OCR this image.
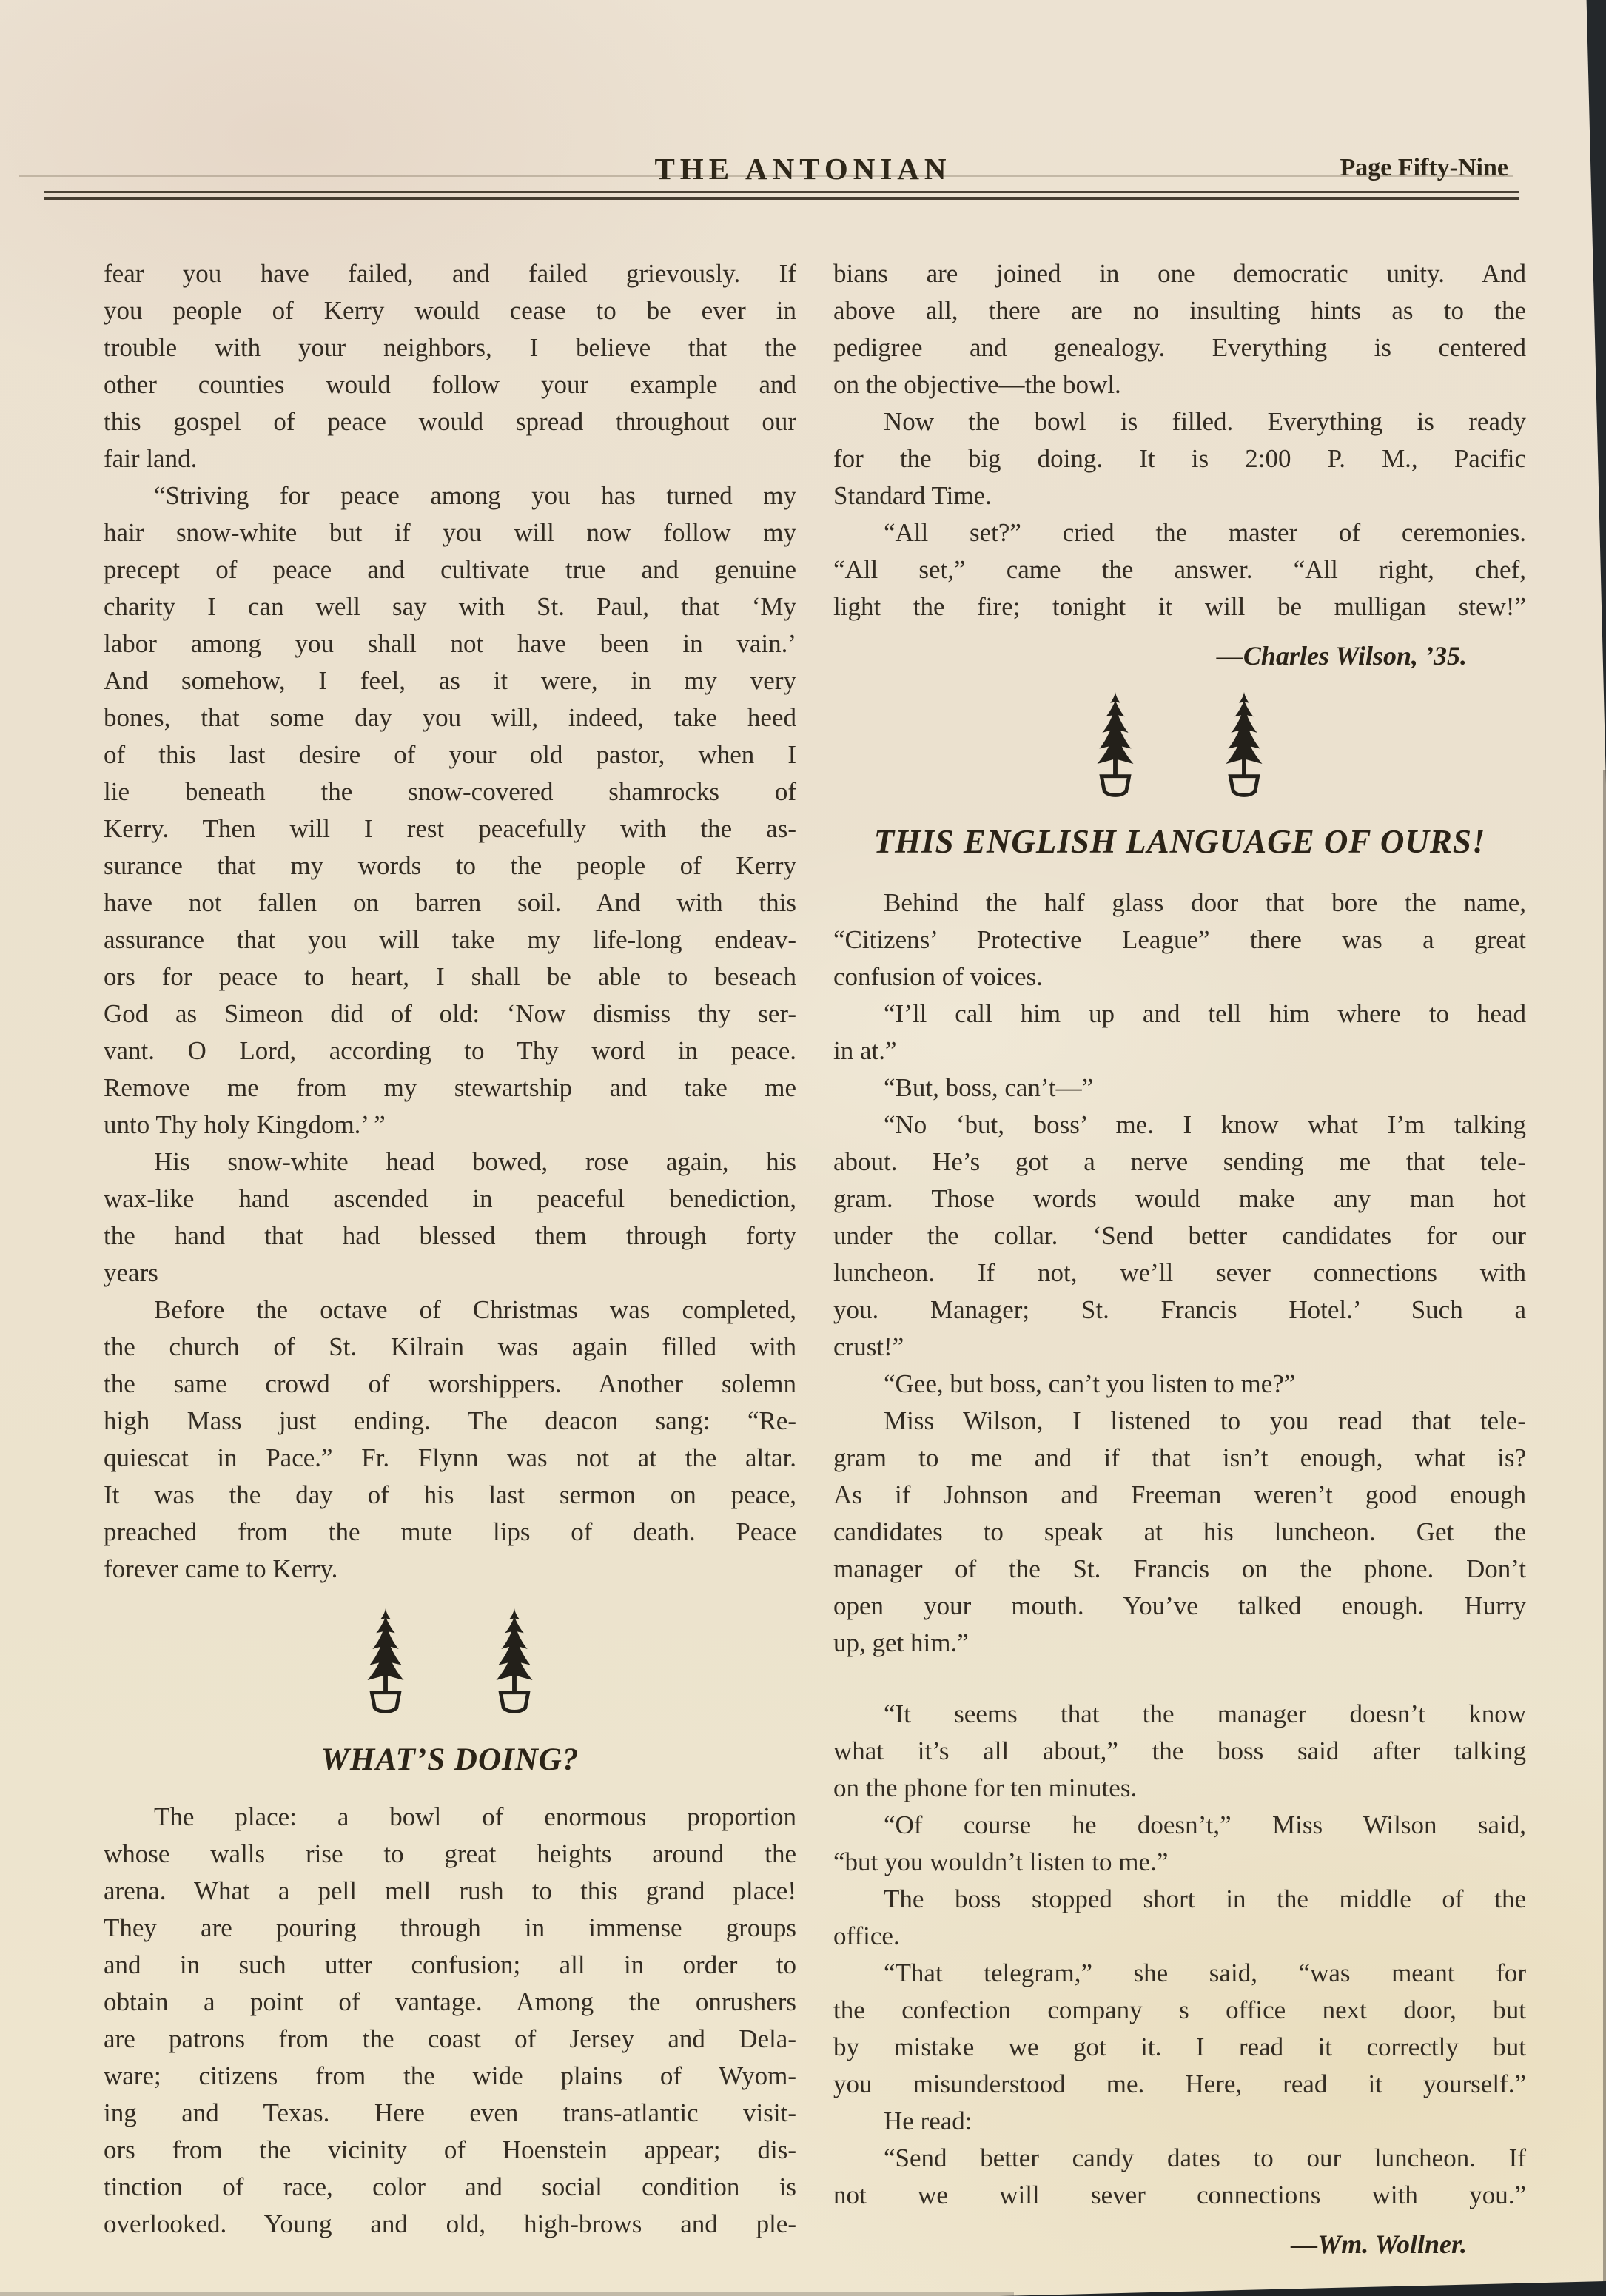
THE ANTONIAN	Page Fifty-Nine
fear you have failed, and failed grievously. If
you people of Kerry would cease to be ever in
trouble with your neighbors, I believe that the
other counties would follow your example and
this gospel of peace would spread throughout our
fair land.
“Striving for peace among you has turned my
hair snow-white but if you will now follow my
precept of peace and cultivate true and genuine
charity I can well say with St. Paul, that ‘My
labor among you shall not have been in vain.’
And somehow, I feel, as it were, in my very
bones, that some day you will, indeed, take heed
of this last desire of your old pastor, when I
lie beneath the snow-covered shamrocks of
Kerry. Then will I rest peacefully with the as-
surance that my words to the people of Kerry
have not fallen on barren soil. And with this
assurance that you will take my life-long endeav-
ors for peace to heart, I shall be able to beseach
God as Simeon did of old: ‘Now dismiss thy ser-
vant. O Lord, according to Thy word in peace.
Remove me from my stewartship and take me
unto Thy holy Kingdom.’ ”
His snow-white head bowed, rose again, his
wax-like hand ascended in peaceful benediction,
the hand that had blessed them through forty
years
Before the octave of Christmas was completed,
the church of St. Kilrain was again filled with
the same crowd of worshippers. Another solemn
high Mass just ending. The deacon sang: “Re-
quiescat in Pace.” Fr. Flynn was not at the altar.
It was the day of his last sermon on peace,
preached from the mute lips of death. Peace
forever came to Kerry.
WHAT’S DOING?
The place: a bowl of enormous proportion
whose walls rise to great heights around the
arena. What a pell mell rush to this grand place!
They are pouring through in immense groups
and in such utter confusion; all in order to
obtain a point of vantage. Among the onrushers
are patrons from the coast of Jersey and Dela-
ware; citizens from the wide plains of Wyom-
ing and Texas. Here even trans-atlantic visit-
ors from the vicinity of Hoenstein appear; dis-
tinction of race, color and social condition is
overlooked. Young and old, high-brows and ple-
bians are joined in one democratic unity. And
above all, there are no insulting hints as to the
pedigree and genealogy. Everything is centered
on the objective—the bowl.
Now the bowl is filled. Everything is ready
for the big doing. It is 2:00 P. M., Pacific
Standard Time.
“All set?” cried the master of ceremonies.
“All set,” came the answer. “All right, chef,
light the fire; tonight it will be mulligan stew!”
—Charles Wilson, ’35.
THIS ENGLISH LANGUAGE OF OURS!
Behind the half glass door that bore the name,
“Citizens’ Protective League” there was a great
confusion of voices.
“I’ll call him up and tell him where to head
in at.”
“But, boss, can’t—”
“No ‘but, boss’ me. I know what I’m talking
about. He’s got a nerve sending me that tele-
gram. Those words would make any man hot
under the collar. ‘Send better candidates for our
luncheon. If not, we’ll sever connections with
you. Manager; St. Francis Hotel.’ Such a
crust!”
“Gee, but boss, can’t you listen to me?”
Miss Wilson, I listened to you read that tele-
gram to me and if that isn’t enough, what is?
As if Johnson and Freeman weren’t good enough
candidates to speak at his luncheon. Get the
manager of the St. Francis on the phone. Don’t
open your mouth. You’ve talked enough. Hurry
up, get him.”
“It seems that the manager doesn’t know
what it’s all about,” the boss said after talking
on the phone for ten minutes.
“Of course he doesn’t,” Miss Wilson said,
“but you wouldn’t listen to me.”
The boss stopped short in the middle of the
office.
“That telegram,” she said, “was meant for
the confection company s office next door, but
by mistake we got it. I read it correctly but
you misunderstood me. Here, read it yourself.”
He read:
“Send better candy dates to our luncheon. If
not we will sever connections with you.”
—Wm. Wollner.
